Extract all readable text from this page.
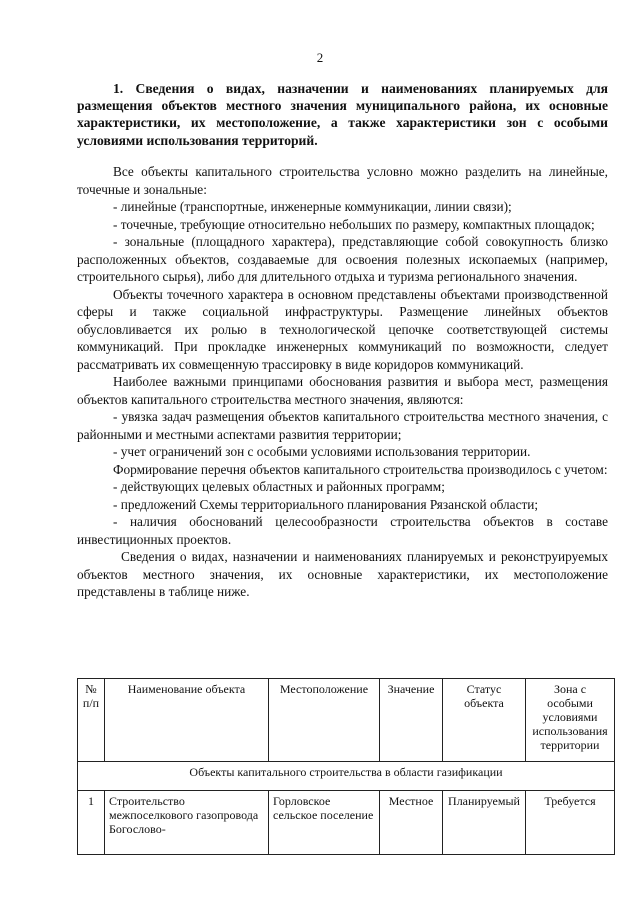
2

1. Сведения о видах, назначении и наименованиях планируемых для размещения объектов местного значения муниципального района, их основные характеристики, их местоположение, а также характеристики зон с особыми условиями использования территорий.

Все объекты капитального строительства условно можно разделить на линейные, точечные и зональные:

- линейные (транспортные, инженерные коммуникации, линии связи);

- точечные, требующие относительно небольших по размеру, компактных площадок;

- зональные (площадного характера), представляющие собой совокупность близко расположенных объектов, создаваемые для освоения полезных ископаемых (например, строительного сырья), либо для длительного отдыха и туризма регионального значения.

Объекты точечного характера в основном представлены объектами производственной сферы и также социальной инфраструктуры. Размещение линейных объектов обусловливается их ролью в технологической цепочке соответствующей системы коммуникаций. При прокладке инженерных коммуникаций по возможности, следует рассматривать их совмещенную трассировку в виде коридоров коммуникаций.

Наиболее важными принципами обоснования развития и выбора мест, размещения объектов капитального строительства местного значения, являются:

- увязка задач размещения объектов капитального строительства местного значения, с районными и местными аспектами развития территории;

- учет ограничений зон с особыми условиями использования территории.

Формирование перечня объектов капитального строительства производилось с учетом:

- действующих целевых областных и районных программ;

- предложений Схемы территориального планирования Рязанской области;

- наличия обоснований целесообразности строительства объектов в составе инвестиционных проектов.

Сведения о видах, назначении и наименованиях планируемых и реконструируемых объектов местного значения, их основные характеристики, их местоположение представлены в таблице ниже.

№ п/п	Наименование объекта	Местоположение	Значение	Статус объекта	Зона с особыми условиями использования территории
Объекты капитального строительства в области газификации					
1	Строительство межпоселкового газопровода Богослово-	Горловское сельское поселение	Местное	Планируемый	Требуется
